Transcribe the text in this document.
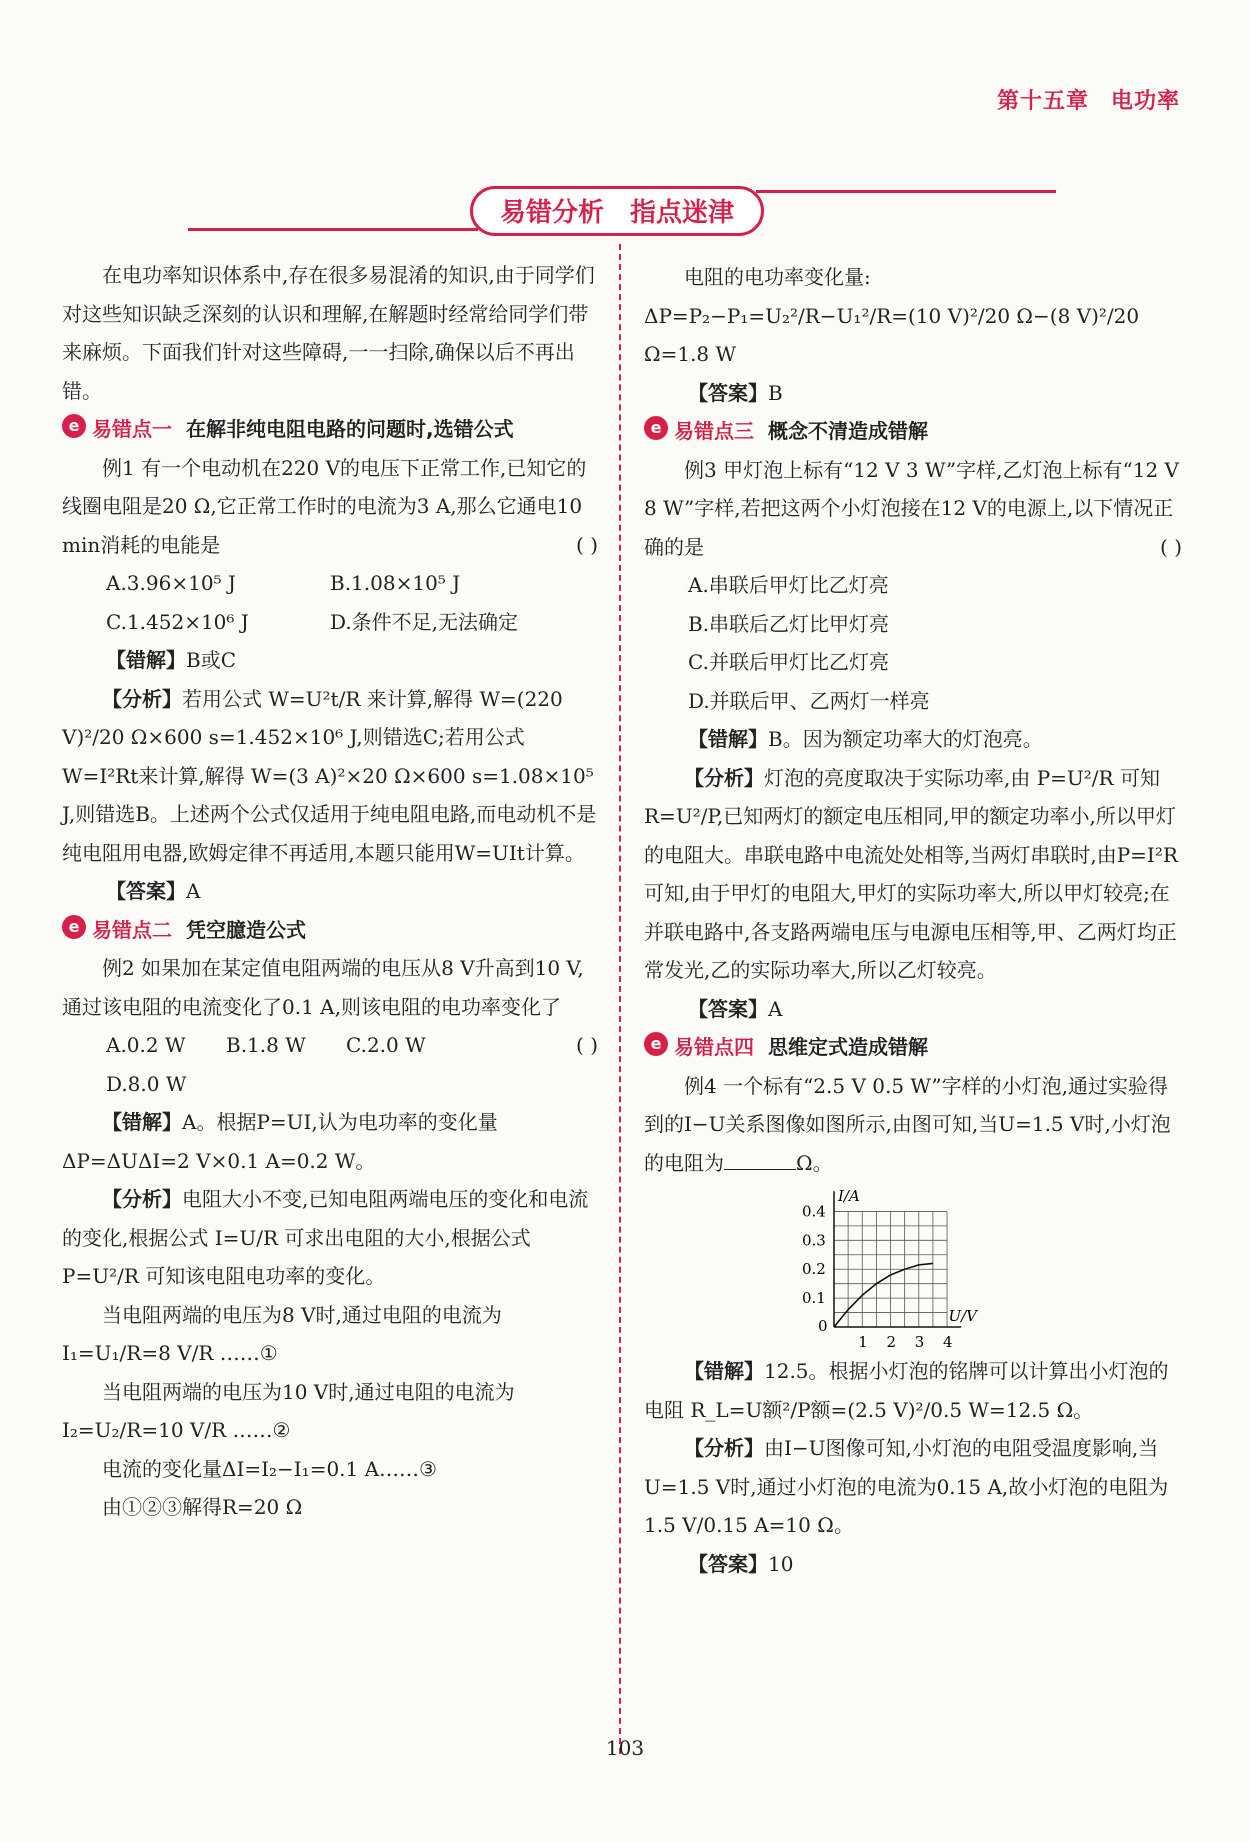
第十五章 电功率
易错分析 指点迷津

在电功率知识体系中,存在很多易混淆的知识,由于同学们对这些知识缺乏深刻的认识和理解,在解题时经常给同学们带来麻烦。下面我们针对这些障碍,一一扫除,确保以后不再出错。

e 易错点一 在解非纯电阻电路的问题时,选错公式

例1 有一个电动机在220 V的电压下正常工作,已知它的线圈电阻是20 Ω,它正常工作时的电流为3 A,那么它通电10 min消耗的电能是	( )

A.3.96×10⁵ J	B.1.08×10⁵ J
C.1.452×10⁶ J	D.条件不足,无法确定

【错解】B或C

【分析】若用公式 W=U²t/R 来计算,解得 W=(220 V)²/20 Ω×600 s=1.452×10⁶ J,则错选C;若用公式 W=I²Rt来计算,解得 W=(3 A)²×20 Ω×600 s=1.08×10⁵ J,则错选B。上述两个公式仅适用于纯电阻电路,而电动机不是纯电阻用电器,欧姆定律不再适用,本题只能用W=UIt计算。

【答案】A

e 易错点二 凭空臆造公式

例2 如果加在某定值电阻两端的电压从8 V升高到10 V,通过该电阻的电流变化了0.1 A,则该电阻的电功率变化了
( )

A.0.2 W B.1.8 W C.2.0 WD.8.0 W

【错解】A。根据P=UI,认为电功率的变化量ΔP=ΔUΔI=2 V×0.1 A=0.2 W。

【分析】电阻大小不变,已知电阻两端电压的变化和电流的变化,根据公式 I=U/R 可求出电阻的大小,根据公式 P=U²/R 可知该电阻电功率的变化。

当电阻两端的电压为8 V时,通过电阻的电流为

I₁=U₁/R=8 V/R ……①

当电阻两端的电压为10 V时,通过电阻的电流为

I₂=U₂/R=10 V/R ……②

电流的变化量ΔI=I₂−I₁=0.1 A……③

由①②③解得R=20 Ω

电阻的电功率变化量:

ΔP=P₂−P₁=U₂²/R−U₁²/R=(10 V)²/20 Ω−(8 V)²/20 Ω=1.8 W

【答案】B

e 易错点三 概念不清造成错解

例3 甲灯泡上标有“12 V 3 W”字样,乙灯泡上标有“12 V 8 W”字样,若把这两个小灯泡接在12 V的电源上,以下情况正确的是	( )

A.串联后甲灯比乙灯亮

B.串联后乙灯比甲灯亮

C.并联后甲灯比乙灯亮

D.并联后甲、乙两灯一样亮

【错解】B。因为额定功率大的灯泡亮。

【分析】灯泡的亮度取决于实际功率,由 P=U²/R 可知 R=U²/P,已知两灯的额定电压相同,甲的额定功率小,所以甲灯的电阻大。串联电路中电流处处相等,当两灯串联时,由P=I²R可知,由于甲灯的电阻大,甲灯的实际功率大,所以甲灯较亮;在并联电路中,各支路两端电压与电源电压相等,甲、乙两灯均正常发光,乙的实际功率大,所以乙灯较亮。

【答案】A

e 易错点四 思维定式造成错解

例4 一个标有“2.5 V 0.5 W”字样的小灯泡,通过实验得到的I−U关系图像如图所示,由图可知,当U=1.5 V时,小灯泡的电阻为	Ω。

I/A
U/V
0
1 2 3 4
0.1
0.2
0.3
0.4

【错解】12.5。根据小灯泡的铭牌可以计算出小灯泡的电阻 R_L=U额²/P额=(2.5 V)²/0.5 W=12.5 Ω。

【分析】由I−U图像可知,小灯泡的电阻受温度影响,当U=1.5 V时,通过小灯泡的电流为0.15 A,故小灯泡的电阻为 1.5 V/0.15 A=10 Ω。

【答案】10

103
